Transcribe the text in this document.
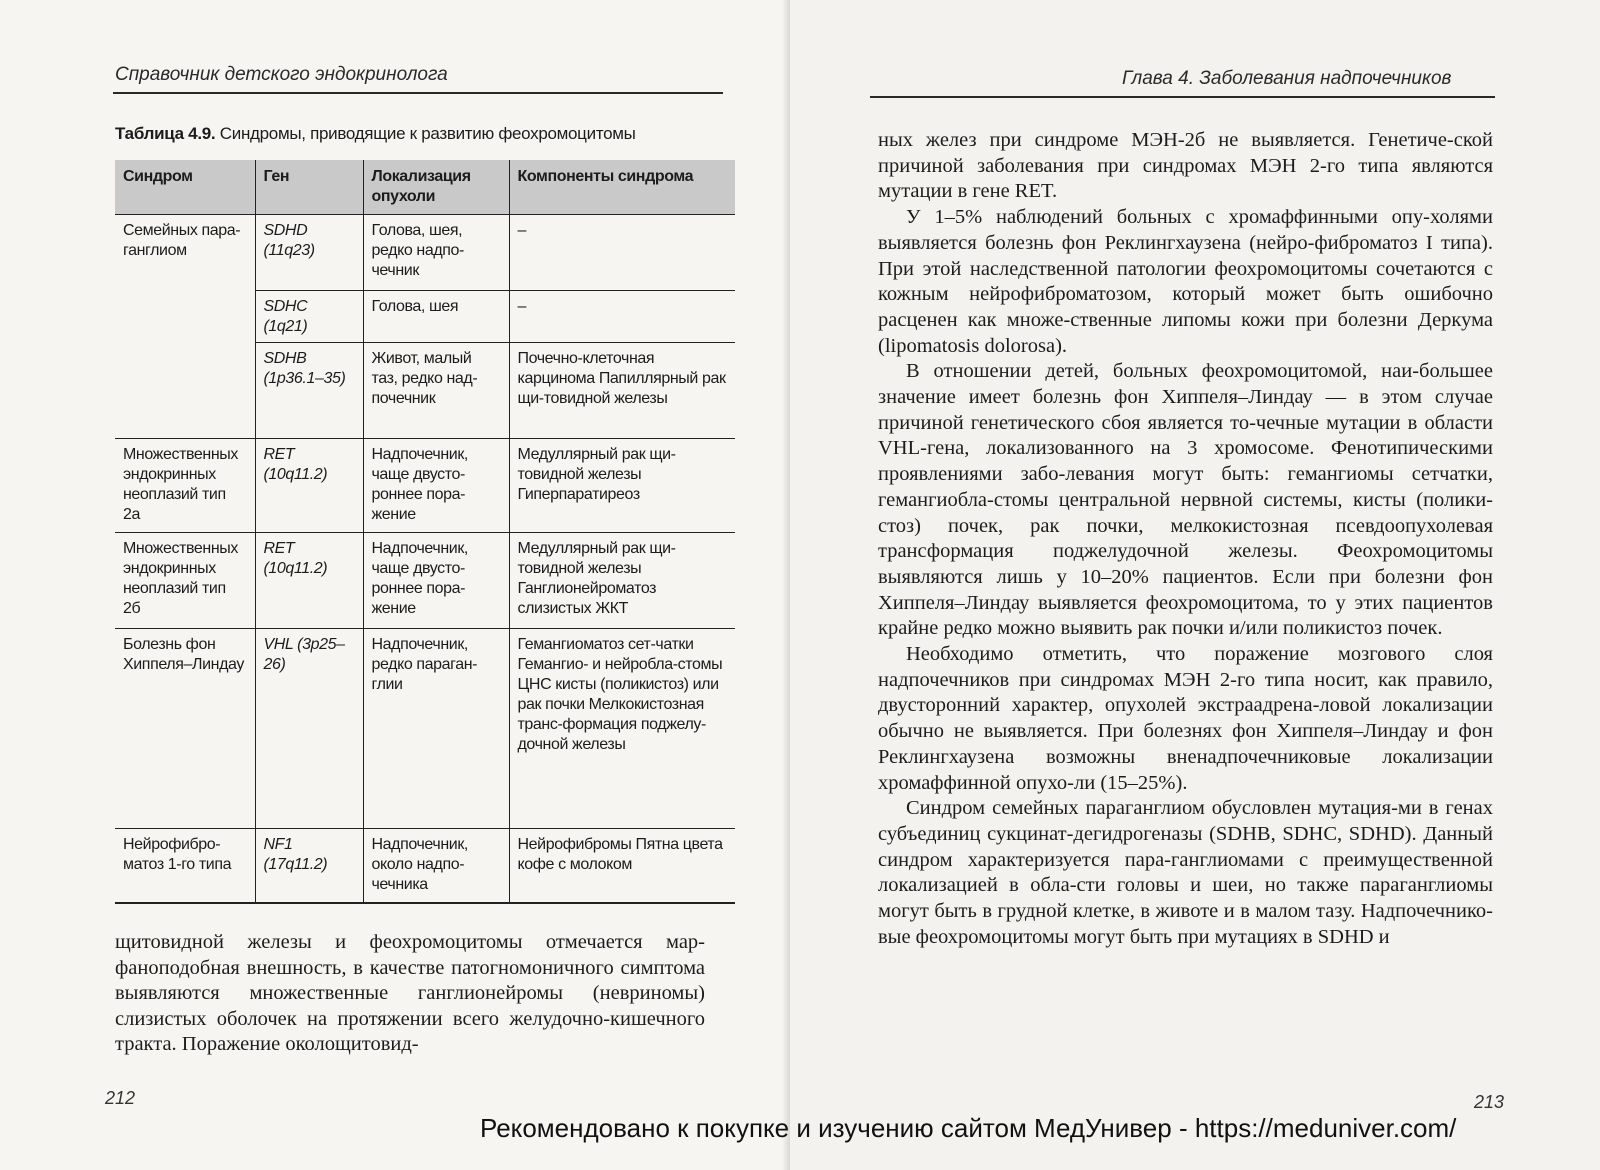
Справочник детского эндокринолога
Таблица 4.9. Синдромы, приводящие к развитию феохромоцитомы
Синдром	Ген	Локализация опухоли	Компоненты синдрома
Семейных пара-ганглиом	SDHD (11q23)	Голова, шея, редко надпо-чечник	–
	SDHC (1q21)	Голова, шея	–
	SDHB (1p36.1–35)	Живот, малый таз, редко над-почечник	Почечно-клеточная карцинома Папиллярный рак щи-товидной железы
Множественных эндокринных неоплазий тип 2а	RET (10q11.2)	Надпочечник, чаще двусто-роннее пора-жение	Медуллярный рак щи-товидной железы Гиперпаратиреоз
Множественных эндокринных неоплазий тип 2б	RET (10q11.2)	Надпочечник, чаще двусто-роннее пора-жение	Медуллярный рак щи-товидной железы Ганглионейроматоз слизистых ЖКТ
Болезнь фон Хиппеля–Линдау	VHL (3p25–26)	Надпочечник, редко параган-глии	Гемангиоматоз сет-чатки Гемангио- и нейробла-стомы ЦНС кисты (поликистоз) или рак почки Мелкокистозная транс-формация поджелу-дочной железы
Нейрофибро-матоз 1-го типа	NF1 (17q11.2)	Надпочечник, около надпо-чечника	Нейрофибромы Пятна цвета кофе с молоком
щитовидной железы и феохромоцитомы отмечается мар-фаноподобная внешность, в качестве патогномоничного симптома выявляются множественные ганглионейромы (невриномы) слизистых оболочек на протяжении всего желудочно-кишечного тракта. Поражение околощитовид-
212
Глава 4. Заболевания надпочечников

ных желез при синдроме МЭН-2б не выявляется. Генетиче-ской причиной заболевания при синдромах МЭН 2-го типа являются мутации в гене RET.

У 1–5% наблюдений больных с хромаффинными опу-холями выявляется болезнь фон Реклингхаузена (нейро-фиброматоз I типа). При этой наследственной патологии феохромоцитомы сочетаются с кожным нейрофиброматозом, который может быть ошибочно расценен как множе-ственные липомы кожи при болезни Деркума (lipomatosis dolorosa).

В отношении детей, больных феохромоцитомой, наи-большее значение имеет болезнь фон Хиппеля–Линдау — в этом случае причиной генетического сбоя является то-чечные мутации в области VHL-гена, локализованного на 3 хромосоме. Фенотипическими проявлениями забо-левания могут быть: гемангиомы сетчатки, гемангиобла-стомы центральной нервной системы, кисты (полики-стоз) почек, рак почки, мелкокистозная псевдоопухолевая трансформация поджелудочной железы. Феохромоцитомы выявляются лишь у 10–20% пациентов. Если при болезни фон Хиппеля–Линдау выявляется феохромоцитома, то у этих пациентов крайне редко можно выявить рак почки и/или поликистоз почек.

Необходимо отметить, что поражение мозгового слоя надпочечников при синдромах МЭН 2-го типа носит, как правило, двусторонний характер, опухолей экстраадрена-ловой локализации обычно не выявляется. При болезнях фон Хиппеля–Линдау и фон Реклингхаузена возможны вненадпочечниковые локализации хромаффинной опухо-ли (15–25%).

Синдром семейных параганглиом обусловлен мутация-ми в генах субъединиц сукцинат-дегидрогеназы (SDHB, SDHC, SDHD). Данный синдром характеризуется пара-ганглиомами с преимущественной локализацией в обла-сти головы и шеи, но также параганглиомы могут быть в грудной клетке, в животе и в малом тазу. Надпочечнико-вые феохромоцитомы могут быть при мутациях в SDHD и

213
Рекомендовано к покупке и изучению сайтом МедУнивер - https://meduniver.com/
